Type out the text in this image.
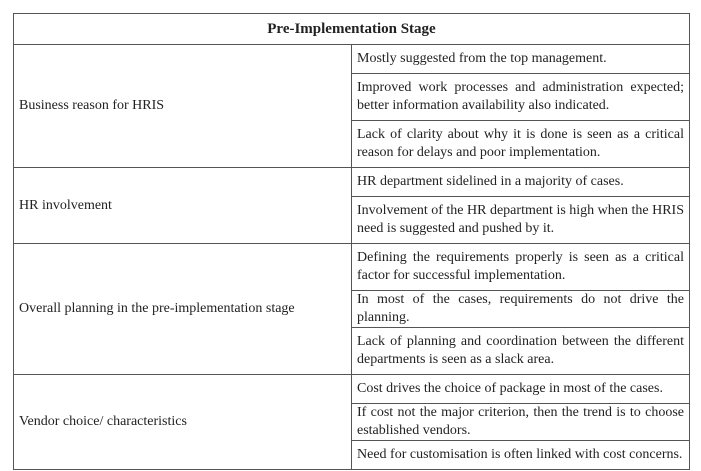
Pre-Implementation Stage	
Business reason for HRIS	Mostly suggested from the top management.
	Improved work processes and administration expected; better information availability also indicated.
	Lack of clarity about why it is done is seen as a critical reason for delays and poor implementation.
HR involvement	HR department sidelined in a majority of cases.
	Involvement of the HR department is high when the HRIS need is suggested and pushed by it.
Overall planning in the pre-implementation stage	Defining the requirements properly is seen as a critical factor for successful implementation.
	In most of the cases, requirements do not drive the planning.
	Lack of planning and coordination between the different departments is seen as a slack area.
Vendor choice/ characteristics	Cost drives the choice of package in most of the cases.
	If cost not the major criterion, then the trend is to choose established vendors.
	Need for customisation is often linked with cost concerns.
